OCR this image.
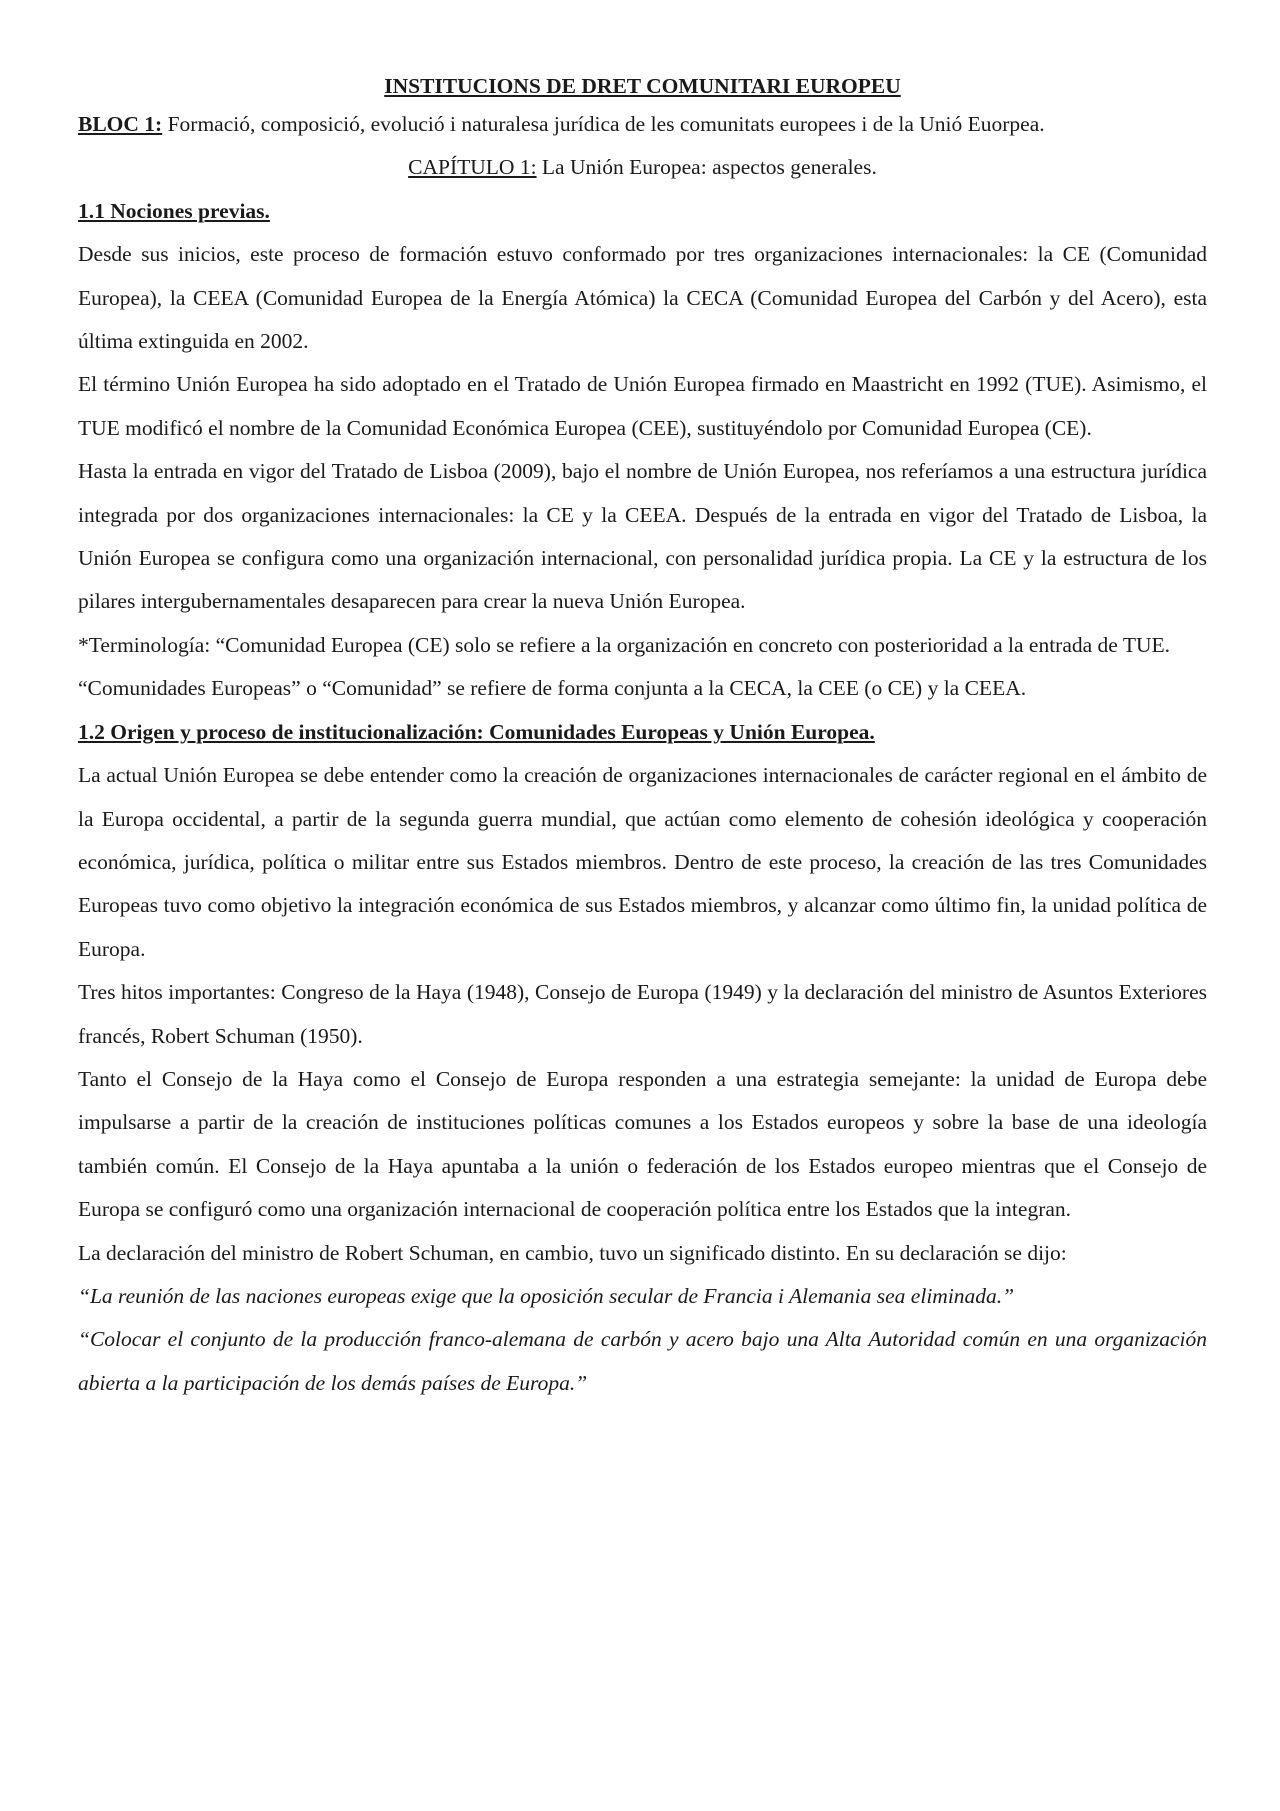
INSTITUCIONS DE DRET COMUNITARI EUROPEU

BLOC 1: Formació, composició, evolució i naturalesa jurídica de les comunitats europees i de la Unió Euorpea.

CAPÍTULO 1: La Unión Europea: aspectos generales.

1.1 Nociones previas.

Desde sus inicios, este proceso de formación estuvo conformado por tres organizaciones internacionales: la CE (Comunidad Europea), la CEEA (Comunidad Europea de la Energía Atómica) la CECA (Comunidad Europea del Carbón y del Acero), esta última extinguida en 2002.

El término Unión Europea ha sido adoptado en el Tratado de Unión Europea firmado en Maastricht en 1992 (TUE). Asimismo, el TUE modificó el nombre de la Comunidad Económica Europea (CEE), sustituyéndolo por Comunidad Europea (CE).

Hasta la entrada en vigor del Tratado de Lisboa (2009), bajo el nombre de Unión Europea, nos referíamos a una estructura jurídica integrada por dos organizaciones internacionales: la CE y la CEEA. Después de la entrada en vigor del Tratado de Lisboa, la Unión Europea se configura como una organización internacional, con personalidad jurídica propia. La CE y la estructura de los pilares intergubernamentales desaparecen para crear la nueva Unión Europea.

*Terminología: “Comunidad Europea (CE) solo se refiere a la organización en concreto con posterioridad a la entrada de TUE.

“Comunidades Europeas” o “Comunidad” se refiere de forma conjunta a la CECA, la CEE (o CE) y la CEEA.

1.2 Origen y proceso de institucionalización: Comunidades Europeas y Unión Europea.

La actual Unión Europea se debe entender como la creación de organizaciones internacionales de carácter regional en el ámbito de la Europa occidental, a partir de la segunda guerra mundial, que actúan como elemento de cohesión ideológica y cooperación económica, jurídica, política o militar entre sus Estados miembros. Dentro de este proceso, la creación de las tres Comunidades Europeas tuvo como objetivo la integración económica de sus Estados miembros, y alcanzar como último fin, la unidad política de Europa.

Tres hitos importantes: Congreso de la Haya (1948), Consejo de Europa (1949) y la declaración del ministro de Asuntos Exteriores francés, Robert Schuman (1950).

Tanto el Consejo de la Haya como el Consejo de Europa responden a una estrategia semejante: la unidad de Europa debe impulsarse a partir de la creación de instituciones políticas comunes a los Estados europeos y sobre la base de una ideología también común. El Consejo de la Haya apuntaba a la unión o federación de los Estados europeo mientras que el Consejo de Europa se configuró como una organización internacional de cooperación política entre los Estados que la integran.

La declaración del ministro de Robert Schuman, en cambio, tuvo un significado distinto. En su declaración se dijo:

“La reunión de las naciones europeas exige que la oposición secular de Francia i Alemania sea eliminada.”

“Colocar el conjunto de la producción franco-alemana de carbón y acero bajo una Alta Autoridad común en una organización abierta a la participación de los demás países de Europa.”
